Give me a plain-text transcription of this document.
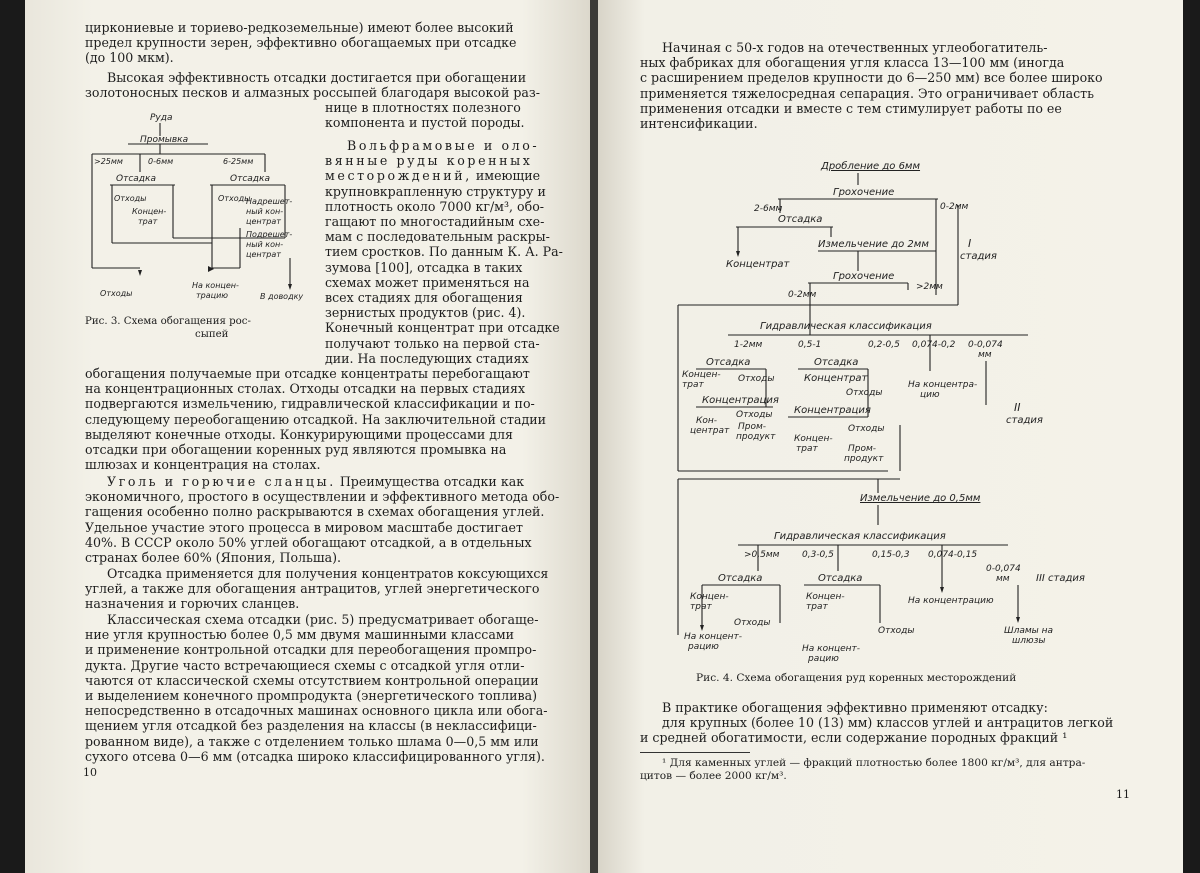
циркониевые и ториево-редкоземельные) имеют более высокий

предел крупности зерен, эффективно обогащаемых при отсадке

(до 100 мкм).

Высокая эффективность отсадки достигается при обогащении

золотоносных песков и алмазных россыпей благодаря высокой раз-

нице в плотностях полезного

компонента и пустой породы.

Вольфрамовые и оло-

вянные руды коренных

месторождений, имеющие

крупновкрапленную структуру и

плотность около 7000 кг/м³, обо-

гащают по многостадийным схе-

мам с последовательным раскры-

тием сростков. По данным К. А. Ра-

зумова [100], отсадка в таких

схемах может применяться на

всех стадиях для обогащения

зернистых продуктов (рис. 4).

Конечный концентрат при отсадке

получают только на первой ста-

дии. На последующих стадиях

Руда
Промывка
>25мм	0-6мм	6-25мм
Отсадка	Отсадка
Отходы
Концен-
трат
Отходы
Надрешет-
ный кон-
центрат
Подрешет-
ный кон-
центрат
Отходы
На концен-
трацию	В доводку
Рис. 3. Схема обогащения рос-
сыпей

обогащения получаемые при отсадке концентраты перебогащают

на концентрационных столах. Отходы отсадки на первых стадиях

подвергаются измельчению, гидравлической классификации и по-

следующему переобогащению отсадкой. На заключительной стадии

выделяют конечные отходы. Конкурирующими процессами для

отсадки при обогащении коренных руд являются промывка на

шлюзах и концентрация на столах.

Уголь и горючие сланцы. Преимущества отсадки как

экономичного, простого в осуществлении и эффективного метода обо-

гащения особенно полно раскрываются в схемах обогащения углей.

Удельное участие этого процесса в мировом масштабе достигает

40%. В СССР около 50% углей обогащают отсадкой, а в отдельных

странах более 60% (Япония, Польша).

Отсадка применяется для получения концентратов коксующихся

углей, а также для обогащения антрацитов, углей энергетического

назначения и горючих сланцев.

Классическая схема отсадки (рис. 5) предусматривает обогаще-

ние угля крупностью более 0,5 мм двумя машинными классами

и применение контрольной отсадки для переобогащения промпро-

дукта. Другие часто встречающиеся схемы с отсадкой угля отли-

чаются от классической схемы отсутствием контрольной операции

и выделением конечного промпродукта (энергетического топлива)

непосредственно в отсадочных машинах основного цикла или обога-

щением угля отсадкой без разделения на классы (в неклассифици-

рованном виде), а также с отделением только шлама 0—0,5 мм или

сухого отсева 0—6 мм (отсадка широко классифицированного угля).

10

Начиная с 50-х годов на отечественных углеобогатитель-

ных фабриках для обогащения угля класса 13—100 мм (иногда

с расширением пределов крупности до 6—250 мм) все более широко

применяется тяжелосредная сепарация. Это ограничивает область

применения отсадки и вместе с тем стимулирует работы по ее

интенсификации.

Дробление до 6мм
Грохочение
2-6мм	0-2мм
Отсадка
Измельчение до 2мм
Концентрат
I
стадия
Грохочение
0-2мм
>2мм
Гидравлическая классификация
1-2мм	0,5-1	0,2-0,5 0,074-0,2 0-0,074
мм
Отсадка	Отсадка
Концен-
трат
Отходы	Концентрат
Отходы
Концентрация
Концентрация
На концентра-
цию
II
стадия
Кон-
центрат
Отходы
Пром-
продукт
Отходы
Концен-
трат	Пром-
продукт
Измельчение до 0,5мм
Гидравлическая классификация
>0,5мм	0,3-0,5	0,15-0,3 0,074-0,15
0-0,074
мм	III стадия
Отсадка	Отсадка
Концен-
трат
Отходы
Концен-
трат
На концент-
рацию
Отходы
На концент-
рацию
На концентрацию
Шламы на
шлюзы
Рис. 4. Схема обогащения руд коренных месторождений

В практике обогащения эффективно применяют отсадку:

для крупных (более 10 (13) мм) классов углей и антрацитов легкой

и средней обогатимости, если содержание породных фракций ¹

¹ Для каменных углей — фракций плотностью более 1800 кг/м³, для антра-
цитов — более 2000 кг/м³.
11
